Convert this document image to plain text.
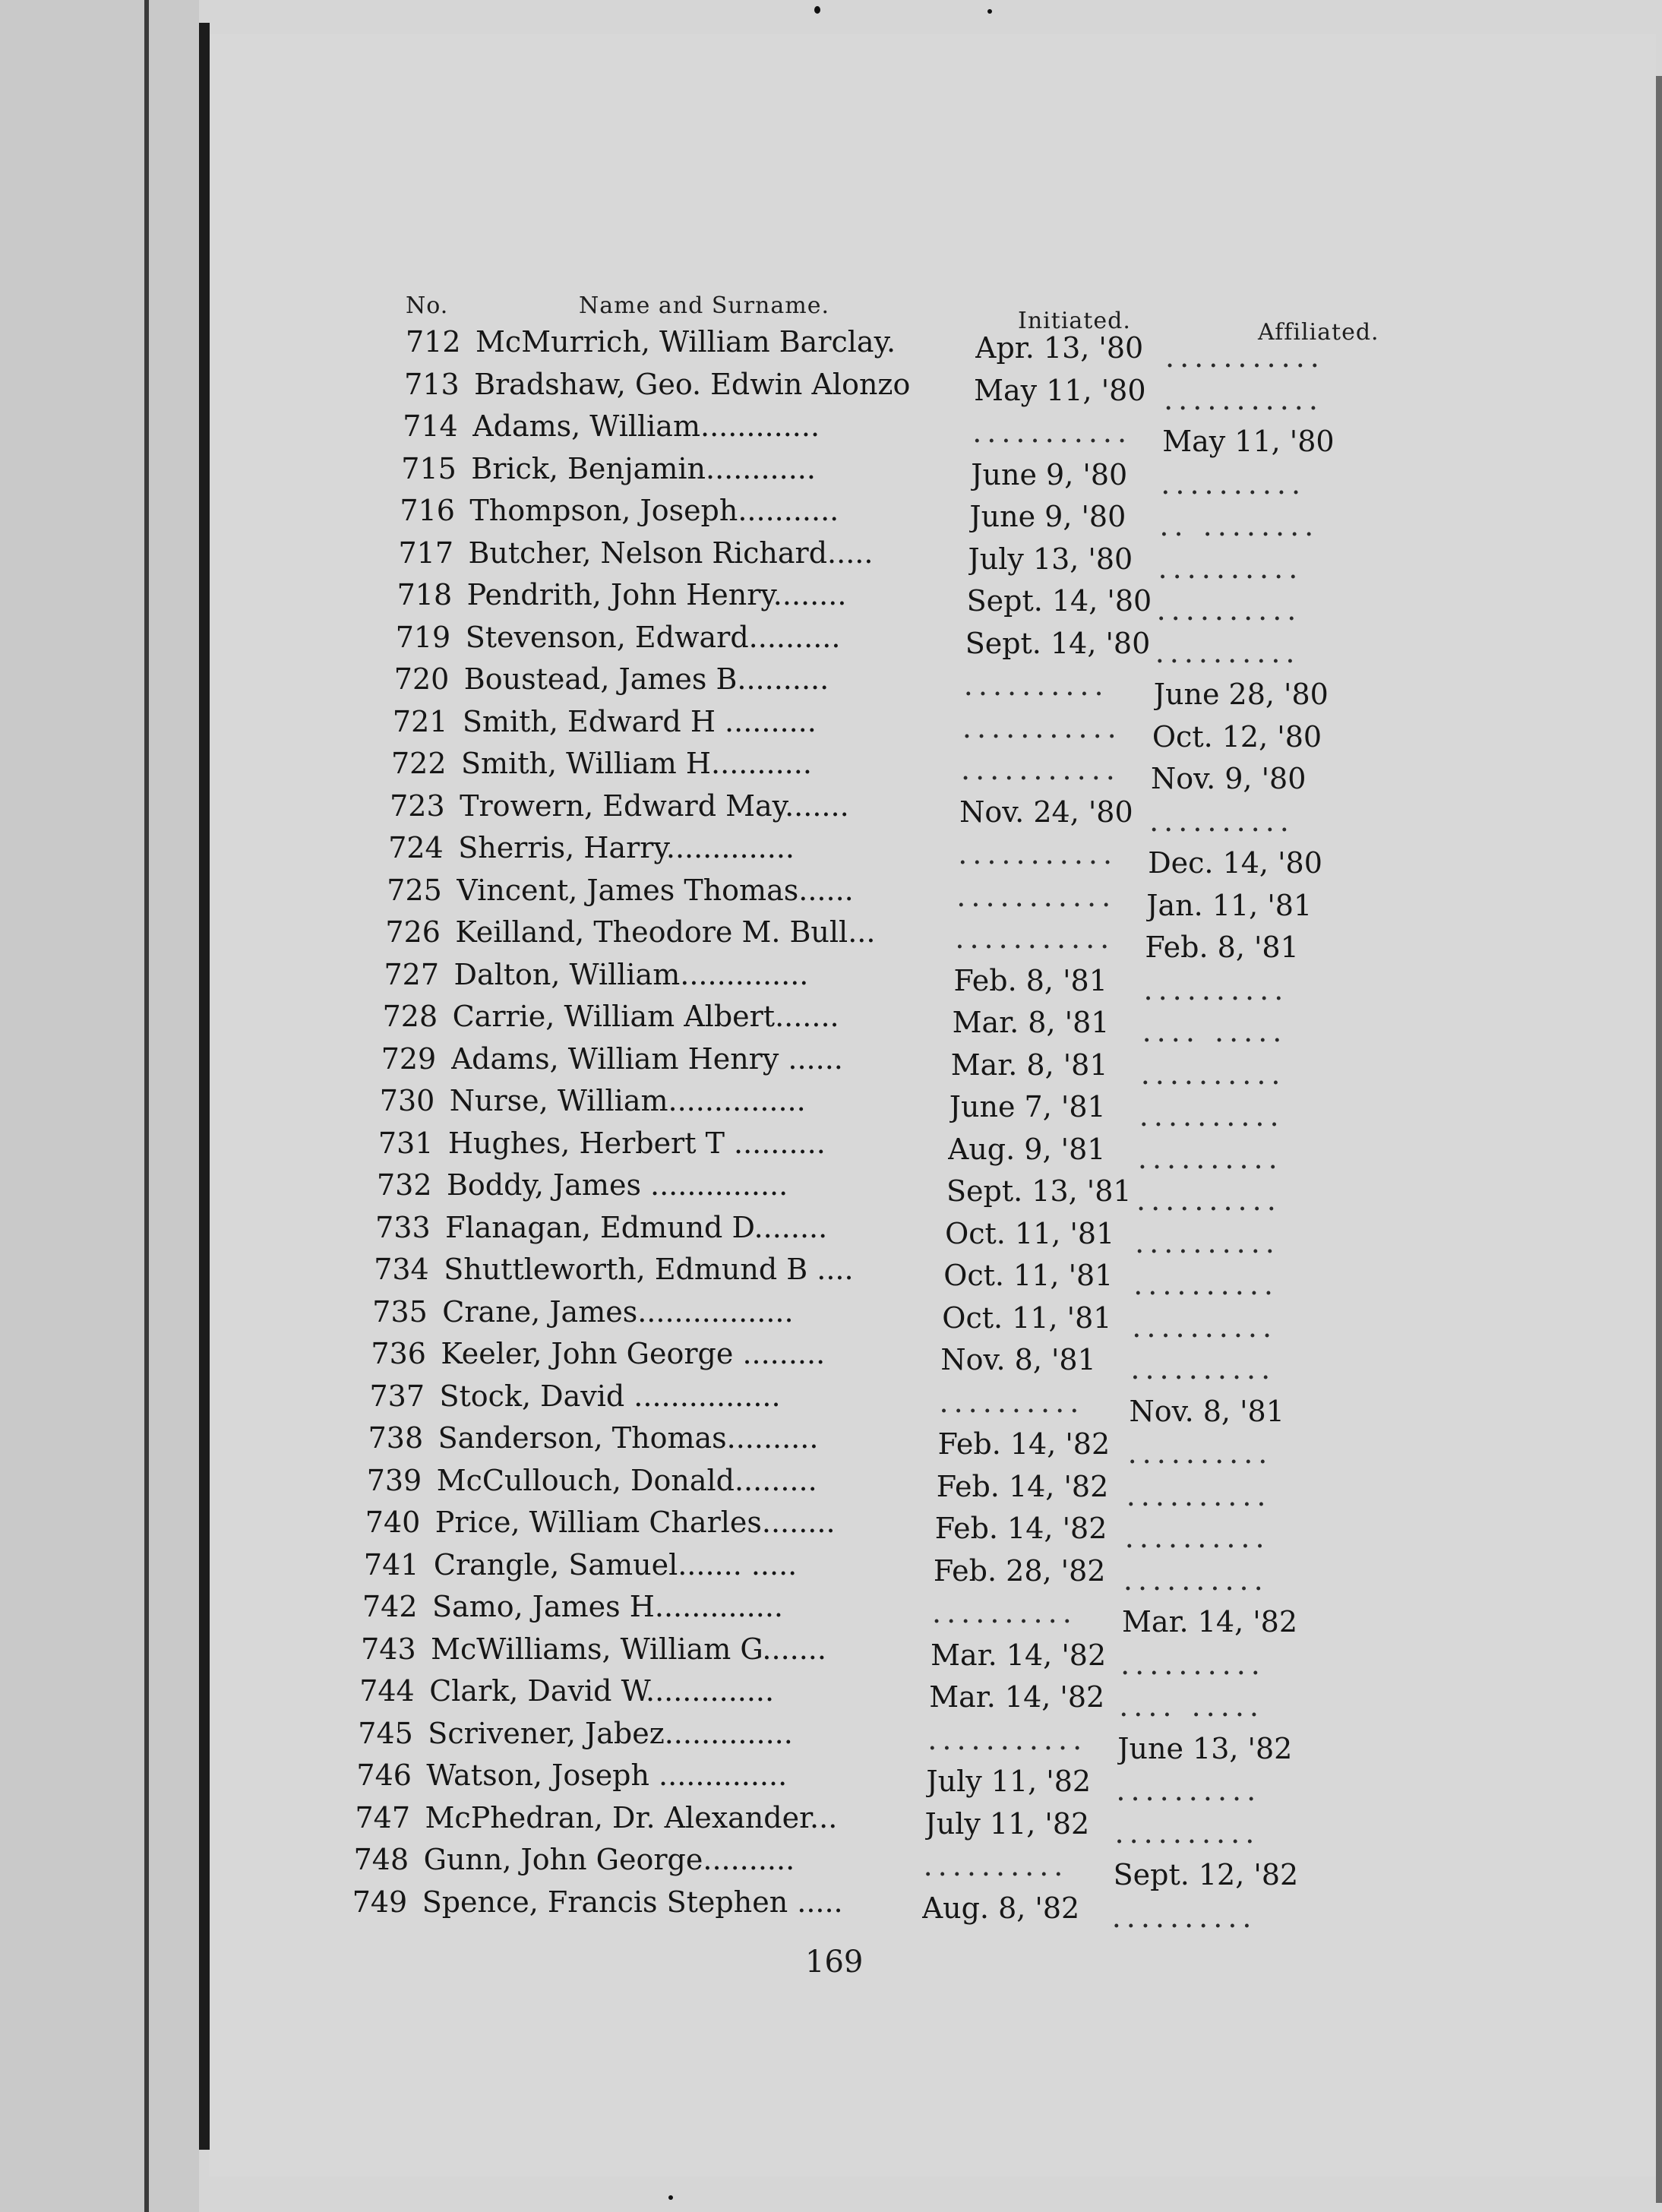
No.	Name and Surname.
Initiated.	Affiliated.
712 McMurrich, William Barclay.	Apr. 13, '80 ...........
713 Bradshaw, Geo. Edwin Alonzo	May 11, '80 ...........
714 Adams, William.............	...........	May 11, '80
715 Brick, Benjamin............	June 9, '80	..........
716 Thompson, Joseph...........	June 9, '80	.. ........
717 Butcher, Nelson Richard.....	July 13, '80 ..........
718 Pendrith, John Henry........	Sept. 14, '80 ..........
719 Stevenson, Edward..........	Sept. 14, '80 ..........
720 Boustead, James B..........	..........	June 28, '80
721 Smith, Edward H ..........	...........	Oct. 12, '80
722 Smith, William H...........	...........	Nov. 9, '80
723 Trowern, Edward May.......	Nov. 24, '80 ..........
724 Sherris, Harry..............	...........	Dec. 14, '80
725 Vincent, James Thomas......	...........	Jan. 11, '81
726 Keilland, Theodore M. Bull...	...........	Feb. 8, '81
727 Dalton, William..............	Feb. 8, '81	..........
728 Carrie, William Albert.......	Mar. 8, '81	.... .....
729 Adams, William Henry ......	Mar. 8, '81	..........
730 Nurse, William...............	June 7, '81	..........
731 Hughes, Herbert T ..........	Aug. 9, '81	..........
732 Boddy, James ...............	Sept. 13, '81 ..........
733 Flanagan, Edmund D........	Oct. 11, '81 ..........
734 Shuttleworth, Edmund B ....	Oct. 11, '81 ..........
735 Crane, James.................	Oct. 11, '81 ..........
736 Keeler, John George .........	Nov. 8, '81	..........
737 Stock, David ................	..........	Nov. 8, '81
738 Sanderson, Thomas..........	Feb. 14, '82 ..........
739 McCullouch, Donald.........	Feb. 14, '82 ..........
740 Price, William Charles........	Feb. 14, '82 ..........
741 Crangle, Samuel....... .....	Feb. 28, '82 ..........
742 Samo, James H..............	..........	Mar. 14, '82
743 McWilliams, William G.......	Mar. 14, '82 ..........
744 Clark, David W..............	Mar. 14, '82 .... .....
745 Scrivener, Jabez..............	...........	June 13, '82
746 Watson, Joseph ..............	July 11, '82 ..........
747 McPhedran, Dr. Alexander...	July 11, '82 ..........
748 Gunn, John George..........	..........	Sept. 12, '82
749 Spence, Francis Stephen .....	Aug. 8, '82	..........
169
